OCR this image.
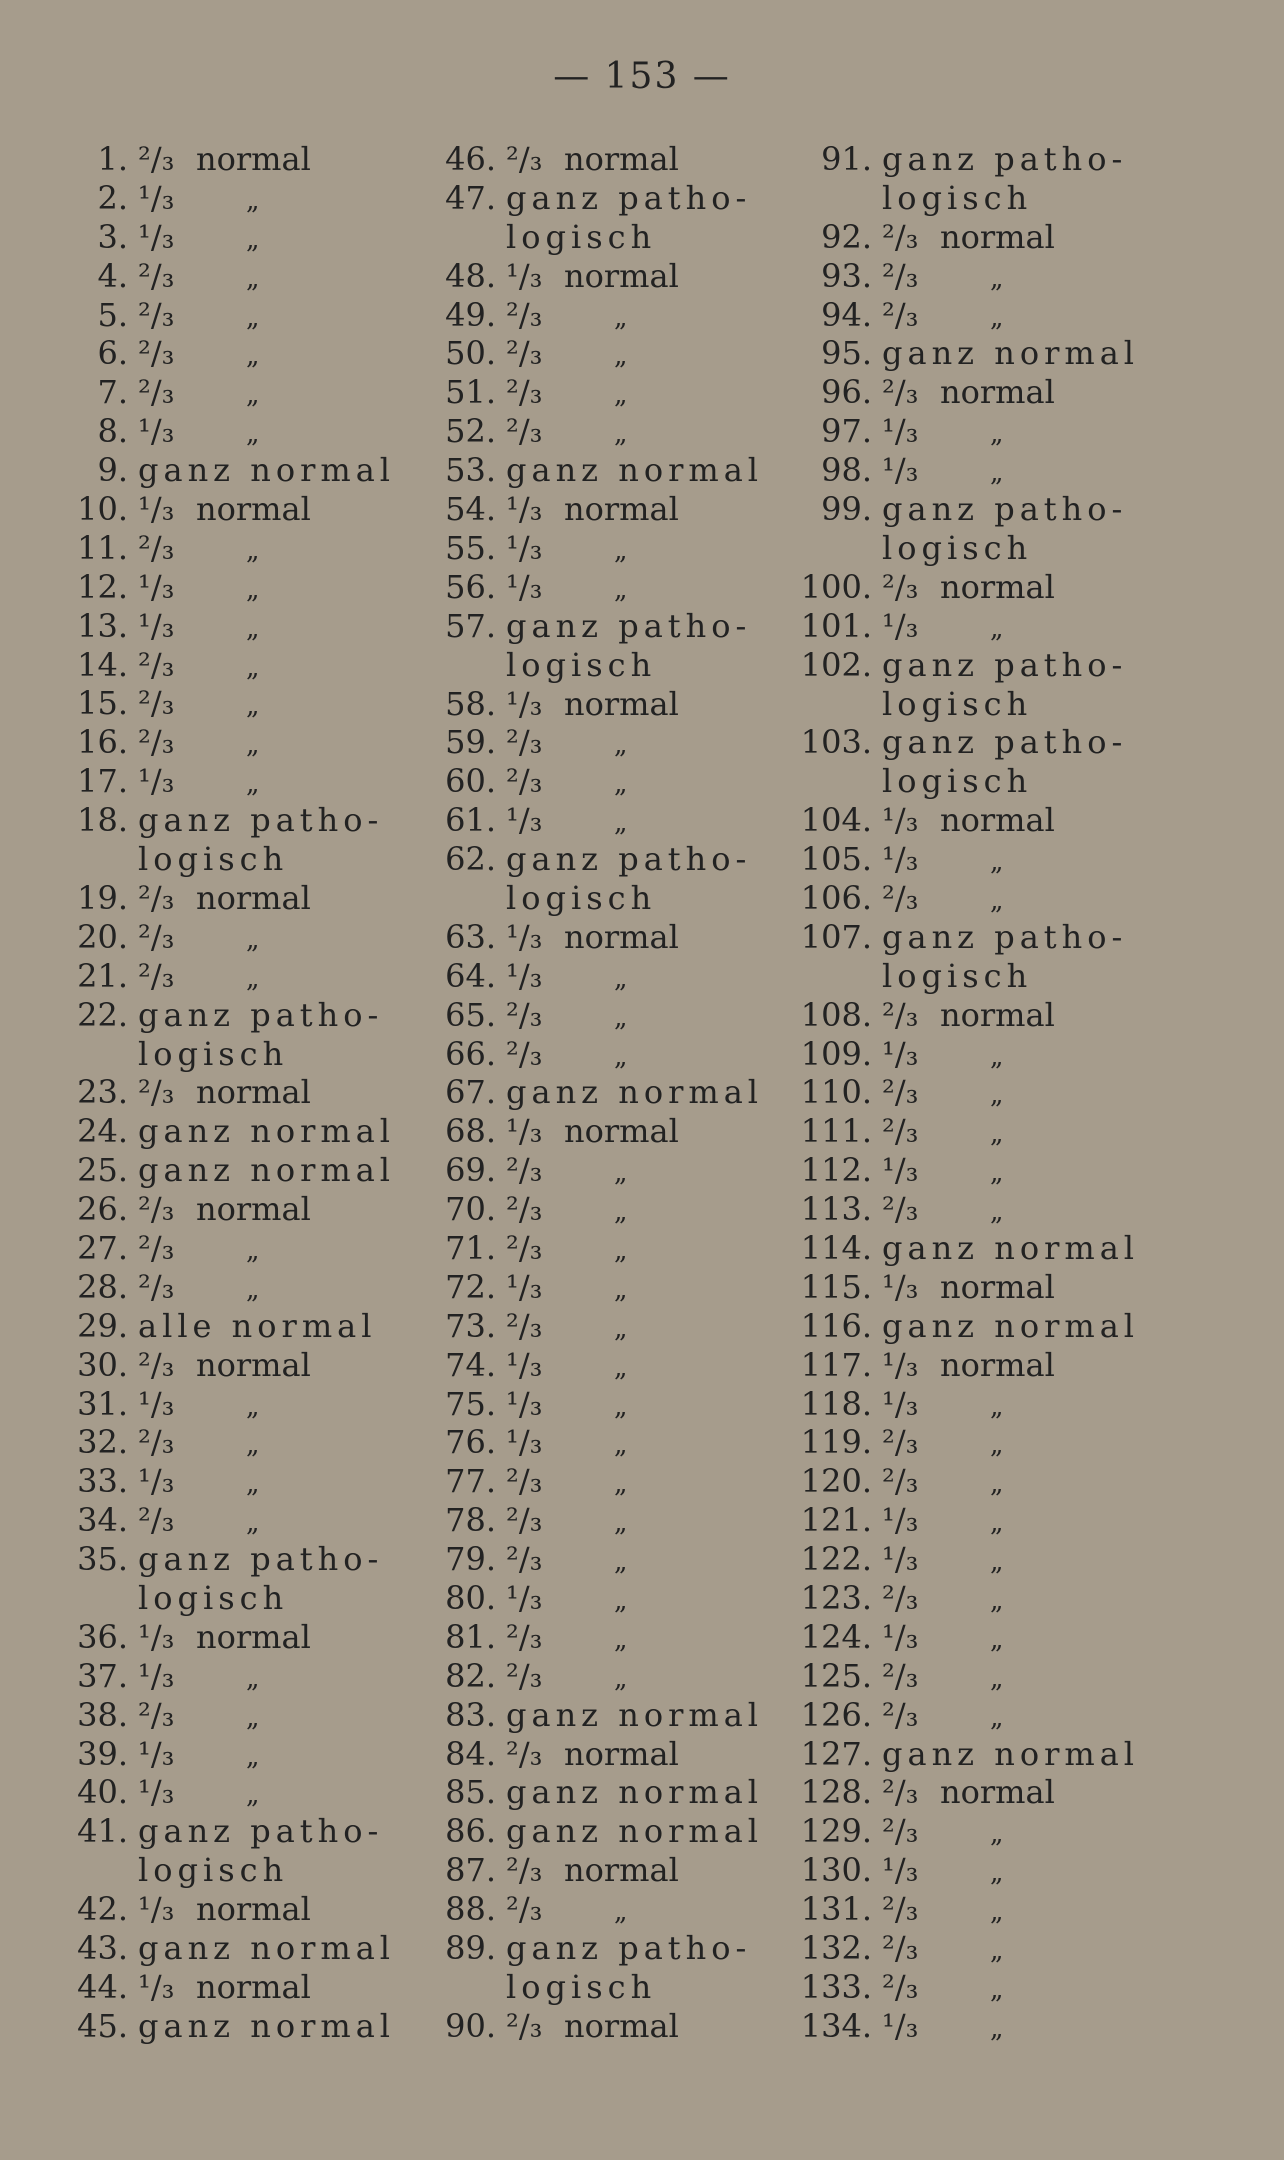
— 153 —
1. ²/₃ normal
2. ¹/₃	„
3. ¹/₃	„
4. ²/₃	„
5. ²/₃	„
6. ²/₃	„
7. ²/₃	„
8. ¹/₃	„
9. ganz normal
10. ¹/₃ normal
11. ²/₃	„
12. ¹/₃	„
13. ¹/₃	„
14. ²/₃	„
15. ²/₃	„
16. ²/₃	„
17. ¹/₃	„
18. ganz patho-
logisch
19. ²/₃ normal
20. ²/₃	„
21. ²/₃	„
22. ganz patho-
logisch
23. ²/₃ normal
24. ganz normal
25. ganz normal
26. ²/₃ normal
27. ²/₃	„
28. ²/₃	„
29. alle normal
30. ²/₃ normal
31. ¹/₃	„
32. ²/₃	„
33. ¹/₃	„
34. ²/₃	„
35. ganz patho-
logisch
36. ¹/₃ normal
37. ¹/₃	„
38. ²/₃	„
39. ¹/₃	„
40. ¹/₃	„
41. ganz patho-
logisch
42. ¹/₃ normal
43. ganz normal
44. ¹/₃ normal
45. ganz normal
46. ²/₃ normal
47. ganz patho-
logisch
48. ¹/₃ normal
49. ²/₃	„
50. ²/₃	„
51. ²/₃	„
52. ²/₃	„
53. ganz normal
54. ¹/₃ normal
55. ¹/₃	„
56. ¹/₃	„
57. ganz patho-
logisch
58. ¹/₃ normal
59. ²/₃	„
60. ²/₃	„
61. ¹/₃	„
62. ganz patho-
logisch
63. ¹/₃ normal
64. ¹/₃	„
65. ²/₃	„
66. ²/₃	„
67. ganz normal
68. ¹/₃ normal
69. ²/₃	„
70. ²/₃	„
71. ²/₃	„
72. ¹/₃	„
73. ²/₃	„
74. ¹/₃	„
75. ¹/₃	„
76. ¹/₃	„
77. ²/₃	„
78. ²/₃	„
79. ²/₃	„
80. ¹/₃	„
81. ²/₃	„
82. ²/₃	„
83. ganz normal
84. ²/₃ normal
85. ganz normal
86. ganz normal
87. ²/₃ normal
88. ²/₃	„
89. ganz patho-
logisch
90. ²/₃ normal
91. ganz patho-
logisch
92. ²/₃ normal
93. ²/₃	„
94. ²/₃	„
95. ganz normal
96. ²/₃ normal
97. ¹/₃	„
98. ¹/₃	„
99. ganz patho-
logisch
100. ²/₃ normal
101. ¹/₃	„
102. ganz patho-
logisch
103. ganz patho-
logisch
104. ¹/₃ normal
105. ¹/₃	„
106. ²/₃	„
107. ganz patho-
logisch
108. ²/₃ normal
109. ¹/₃	„
110. ²/₃	„
111. ²/₃	„
112. ¹/₃	„
113. ²/₃	„
114. ganz normal
115. ¹/₃ normal
116. ganz normal
117. ¹/₃ normal
118. ¹/₃	„
119. ²/₃	„
120. ²/₃	„
121. ¹/₃	„
122. ¹/₃	„
123. ²/₃	„
124. ¹/₃	„
125. ²/₃	„
126. ²/₃	„
127. ganz normal
128. ²/₃ normal
129. ²/₃	„
130. ¹/₃	„
131. ²/₃	„
132. ²/₃	„
133. ²/₃	„
134. ¹/₃	„
